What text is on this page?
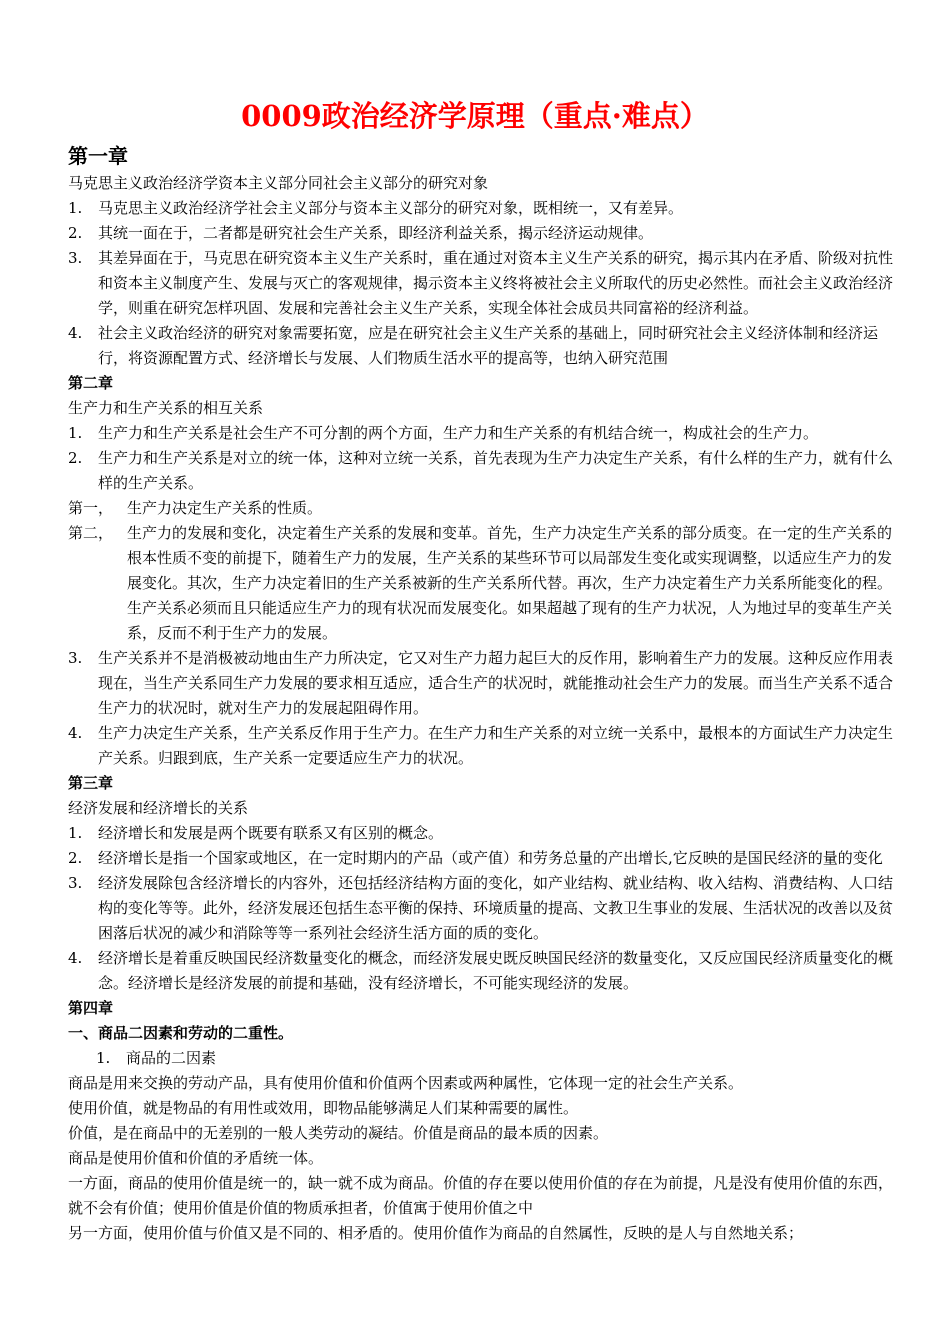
0009政治经济学原理（重点·难点）
第一章
马克思主义政治经济学资本主义部分同社会主义部分的研究对象
1.	马克思主义政治经济学社会主义部分与资本主义部分的研究对象，既相统一，又有差异。
2.	其统一面在于，二者都是研究社会生产关系，即经济利益关系，揭示经济运动规律。
3.	其差异面在于，马克思在研究资本主义生产关系时，重在通过对资本主义生产关系的研究，揭示其内在矛盾、阶级对抗性和资本主义制度产生、发展与灭亡的客观规律，揭示资本主义终将被社会主义所取代的历史必然性。而社会主义政治经济学，则重在研究怎样巩固、发展和完善社会主义生产关系，实现全体社会成员共同富裕的经济利益。
4.	社会主义政治经济的研究对象需要拓宽，应是在研究社会主义生产关系的基础上，同时研究社会主义经济体制和经济运行，将资源配置方式、经济增长与发展、人们物质生活水平的提高等，也纳入研究范围
第二章
生产力和生产关系的相互关系
1.	生产力和生产关系是社会生产不可分割的两个方面，生产力和生产关系的有机结合统一，构成社会的生产力。
2.	生产力和生产关系是对立的统一体，这种对立统一关系，首先表现为生产力决定生产关系，有什么样的生产力，就有什么样的生产关系。
第一， 生产力决定生产关系的性质。
第二， 生产力的发展和变化，决定着生产关系的发展和变革。首先，生产力决定生产关系的部分质变。在一定的生产关系的根本性质不变的前提下，随着生产力的发展，生产关系的某些环节可以局部发生变化或实现调整，以适应生产力的发展变化。其次，生产力决定着旧的生产关系被新的生产关系所代替。再次，生产力决定着生产力关系所能变化的程。生产关系必须而且只能适应生产力的现有状况而发展变化。如果超越了现有的生产力状况，人为地过早的变革生产关系，反而不利于生产力的发展。
3.	生产关系并不是消极被动地由生产力所决定，它又对生产力超力起巨大的反作用，影响着生产力的发展。这种反应作用表现在，当生产关系同生产力发展的要求相互适应，适合生产的状况时，就能推动社会生产力的发展。而当生产关系不适合生产力的状况时，就对生产力的发展起阻碍作用。
4.	生产力决定生产关系，生产关系反作用于生产力。在生产力和生产关系的对立统一关系中，最根本的方面试生产力决定生产关系。归跟到底，生产关系一定要适应生产力的状况。
第三章
经济发展和经济增长的关系
1.	经济增长和发展是两个既要有联系又有区别的概念。
2.	经济增长是指一个国家或地区，在一定时期内的产品（或产值）和劳务总量的产出增长,它反映的是国民经济的量的变化
3.	经济发展除包含经济增长的内容外，还包括经济结构方面的变化，如产业结构、就业结构、收入结构、消费结构、人口结构的变化等等。此外，经济发展还包括生态平衡的保持、环境质量的提高、文教卫生事业的发展、生活状况的改善以及贫困落后状况的减少和消除等等一系列社会经济生活方面的质的变化。
4.	经济增长是着重反映国民经济数量变化的概念，而经济发展史既反映国民经济的数量变化，又反应国民经济质量变化的概念。经济增长是经济发展的前提和基础，没有经济增长，不可能实现经济的发展。
第四章
一、商品二因素和劳动的二重性。
1. 商品的二因素
商品是用来交换的劳动产品，具有使用价值和价值两个因素或两种属性，它体现一定的社会生产关系。
使用价值，就是物品的有用性或效用，即物品能够满足人们某种需要的属性。
价值，是在商品中的无差别的一般人类劳动的凝结。价值是商品的最本质的因素。
商品是使用价值和价值的矛盾统一体。
一方面，商品的使用价值是统一的，缺一就不成为商品。价值的存在要以使用价值的存在为前提，凡是没有使用价值的东西，就不会有价值；使用价值是价值的物质承担者，价值寓于使用价值之中
另一方面，使用价值与价值又是不同的、相矛盾的。使用价值作为商品的自然属性，反映的是人与自然地关系；
